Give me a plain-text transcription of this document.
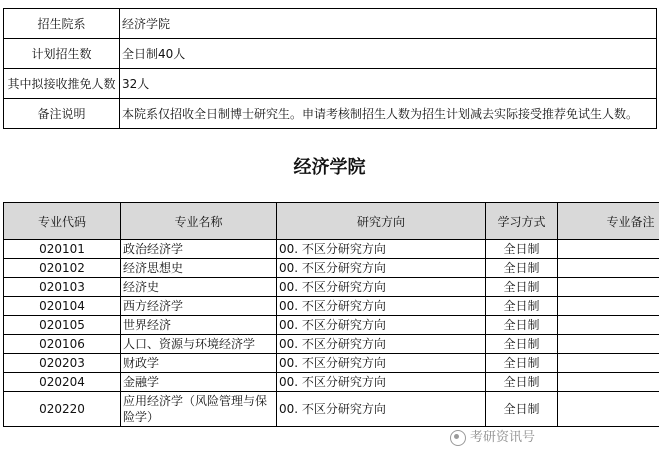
招生院系	经济学院
计划招生数	全日制40人
其中拟接收推免人数	32人
备注说明	本院系仅招收全日制博士研究生。申请考核制招生人数为招生计划减去实际接受推荐免试生人数。
经济学院
专业代码	专业名称	研究方向	学习方式	专业备注
020101	政治经济学	00. 不区分研究方向	全日制	
020102	经济思想史	00. 不区分研究方向	全日制	
020103	经济史	00. 不区分研究方向	全日制	
020104	西方经济学	00. 不区分研究方向	全日制	
020105	世界经济	00. 不区分研究方向	全日制	
020106	人口、资源与环境经济学	00. 不区分研究方向	全日制	
020203	财政学	00. 不区分研究方向	全日制	
020204	金融学	00. 不区分研究方向	全日制	
020220	应用经济学（风险管理与保险学）	00. 不区分研究方向	全日制	
考研资讯号
